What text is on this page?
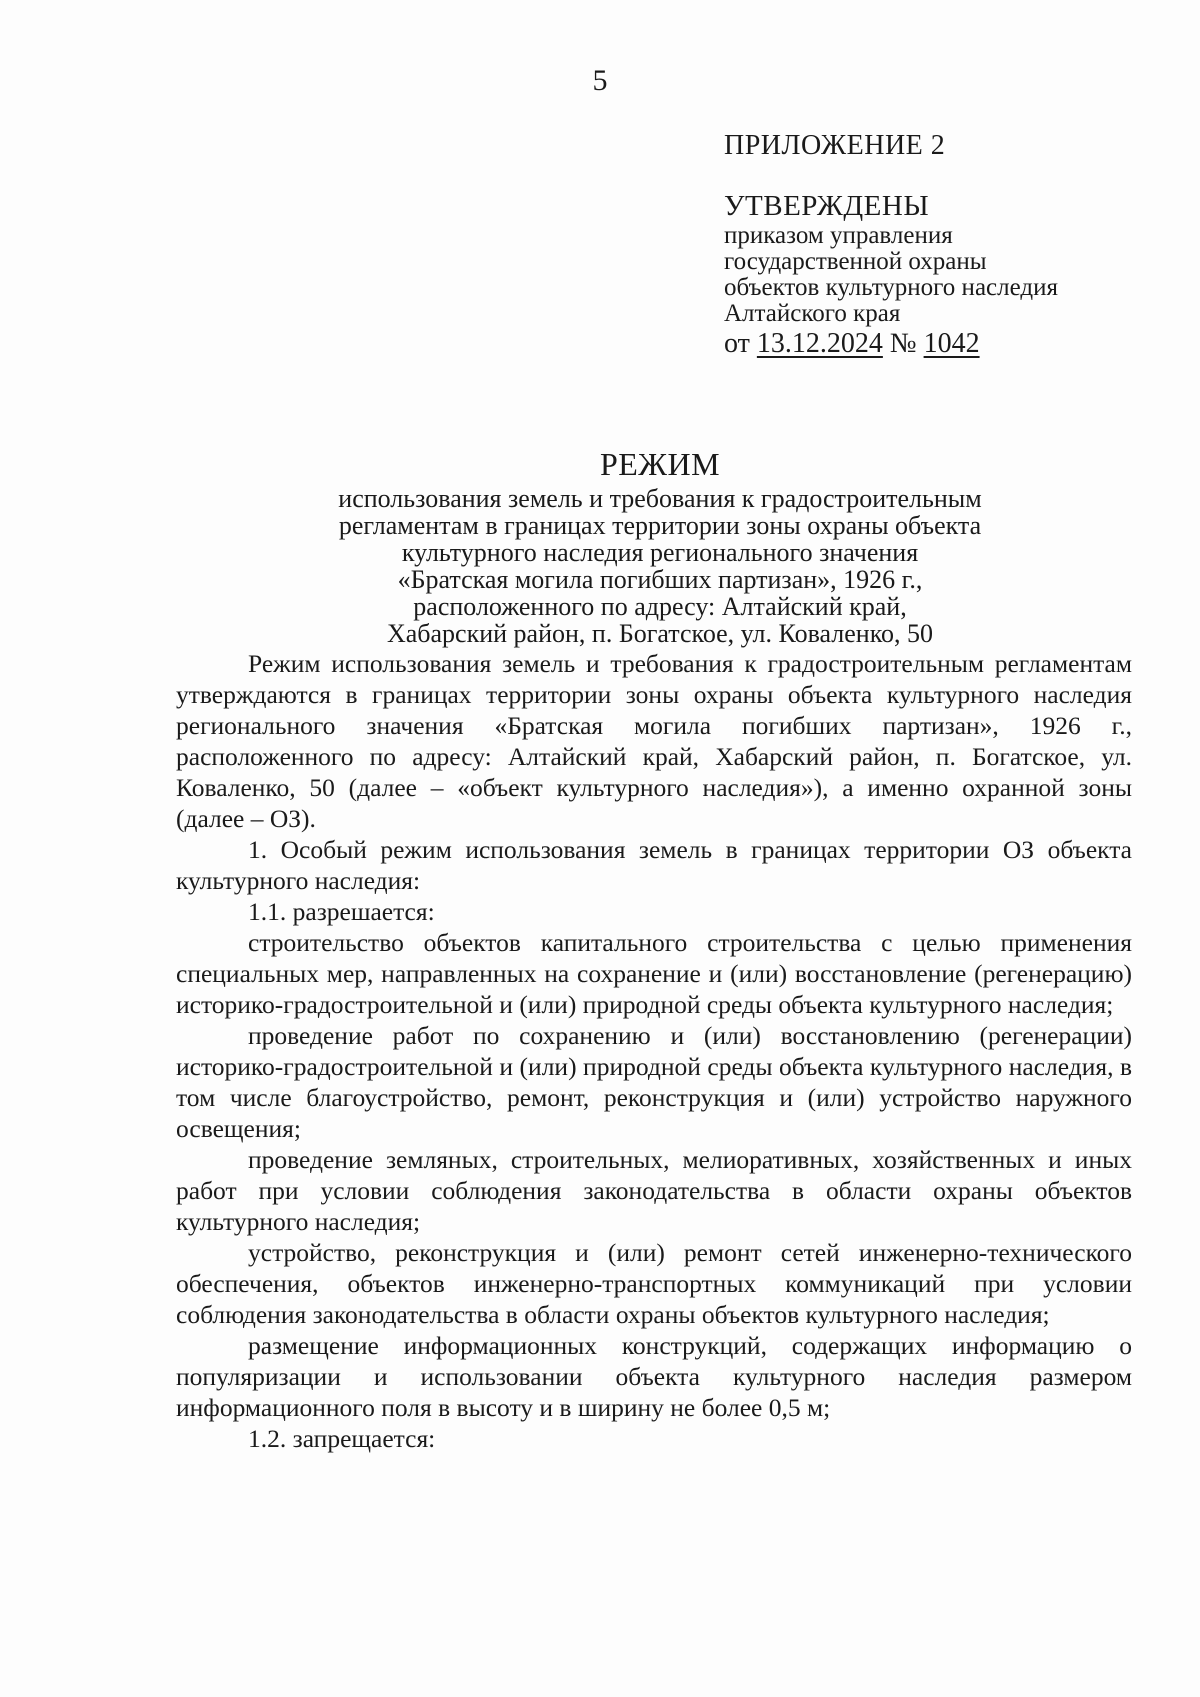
5
ПРИЛОЖЕНИЕ 2
УТВЕРЖДЕНЫ
приказом управления
государственной охраны
объектов культурного наследия
Алтайского края
от 13.12.2024 № 1042
РЕЖИМ
использования земель и требования к градостроительным
регламентам в границах территории зоны охраны объекта
культурного наследия регионального значения
«Братская могила погибших партизан», 1926 г.,
расположенного по адресу: Алтайский край,
Хабарский район, п. Богатское, ул. Коваленко, 50

Режим использования земель и требования к градостроительным регламентам утверждаются в границах территории зоны охраны объекта культурного наследия регионального значения «Братская могила погибших партизан», 1926 г., расположенного по адресу: Алтайский край, Хабарский район, п. Богатское, ул. Коваленко, 50 (далее – «объект культурного наследия»), а именно охранной зоны (далее – ОЗ).

1. Особый режим использования земель в границах территории ОЗ объекта культурного наследия:

1.1. разрешается:

строительство объектов капитального строительства с целью применения специальных мер, направленных на сохранение и (или) восстановление (регенерацию) историко-градостроительной и (или) природной среды объекта культурного наследия;

проведение работ по сохранению и (или) восстановлению (регенерации) историко-градостроительной и (или) природной среды объекта культурного наследия, в том числе благоустройство, ремонт, реконструкция и (или) устройство наружного освещения;

проведение земляных, строительных, мелиоративных, хозяйственных и иных работ при условии соблюдения законодательства в области охраны объектов культурного наследия;

устройство, реконструкция и (или) ремонт сетей инженерно-технического обеспечения, объектов инженерно-транспортных коммуникаций при условии соблюдения законодательства в области охраны объектов культурного наследия;

размещение информационных конструкций, содержащих информацию о популяризации и использовании объекта культурного наследия размером информационного поля в высоту и в ширину не более 0,5 м;

1.2. запрещается:
